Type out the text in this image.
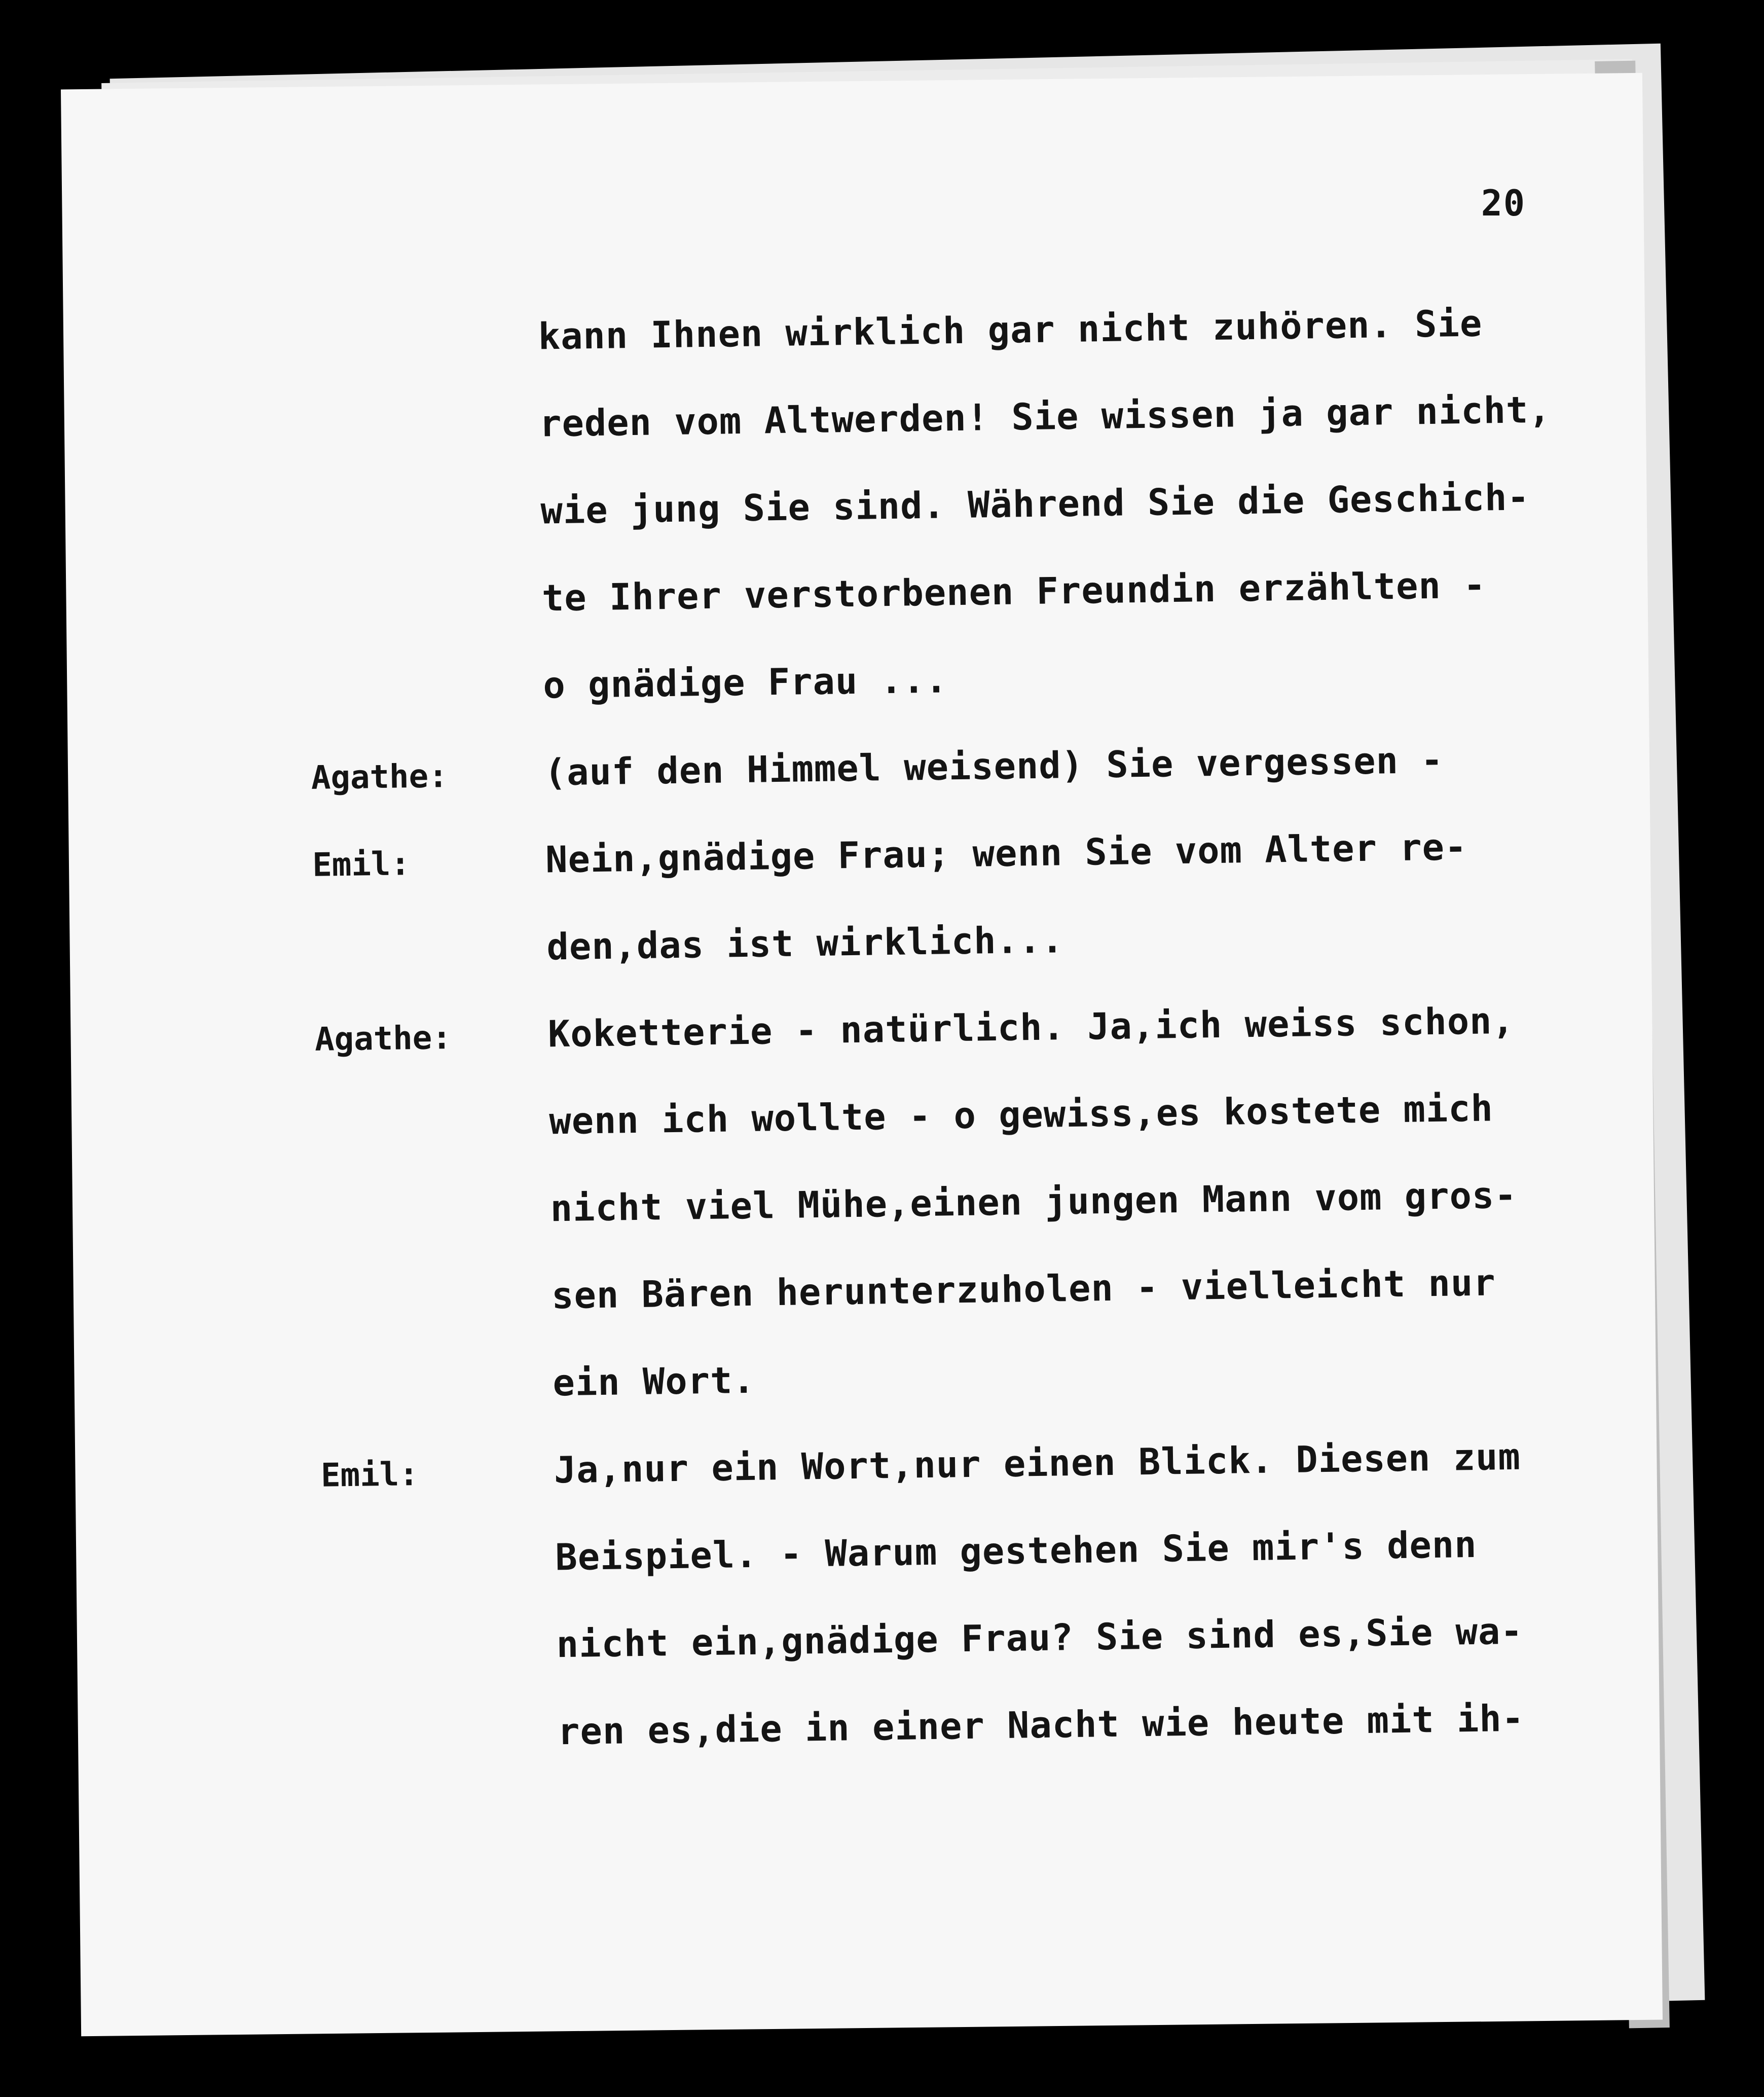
20
kann Ihnen wirklich gar nicht zuhören. Sie
reden vom Altwerden! Sie wissen ja gar nicht,
wie jung Sie sind. Während Sie die Geschich-
te Ihrer verstorbenen Freundin erzählten -
o gnädige Frau ...
Agathe:	(auf den Himmel weisend) Sie vergessen -
Emil:	Nein,gnädige Frau; wenn Sie vom Alter re-
den,das ist wirklich...
Agathe:	Koketterie - natürlich. Ja,ich weiss schon,
wenn ich wollte - o gewiss,es kostete mich
nicht viel Mühe,einen jungen Mann vom gros-
sen Bären herunterzuholen - vielleicht nur
ein Wort.
Emil:	Ja,nur ein Wort,nur einen Blick. Diesen zum
Beispiel. - Warum gestehen Sie mir's denn
nicht ein,gnädige Frau? Sie sind es,Sie wa-
ren es,die in einer Nacht wie heute mit ih-
